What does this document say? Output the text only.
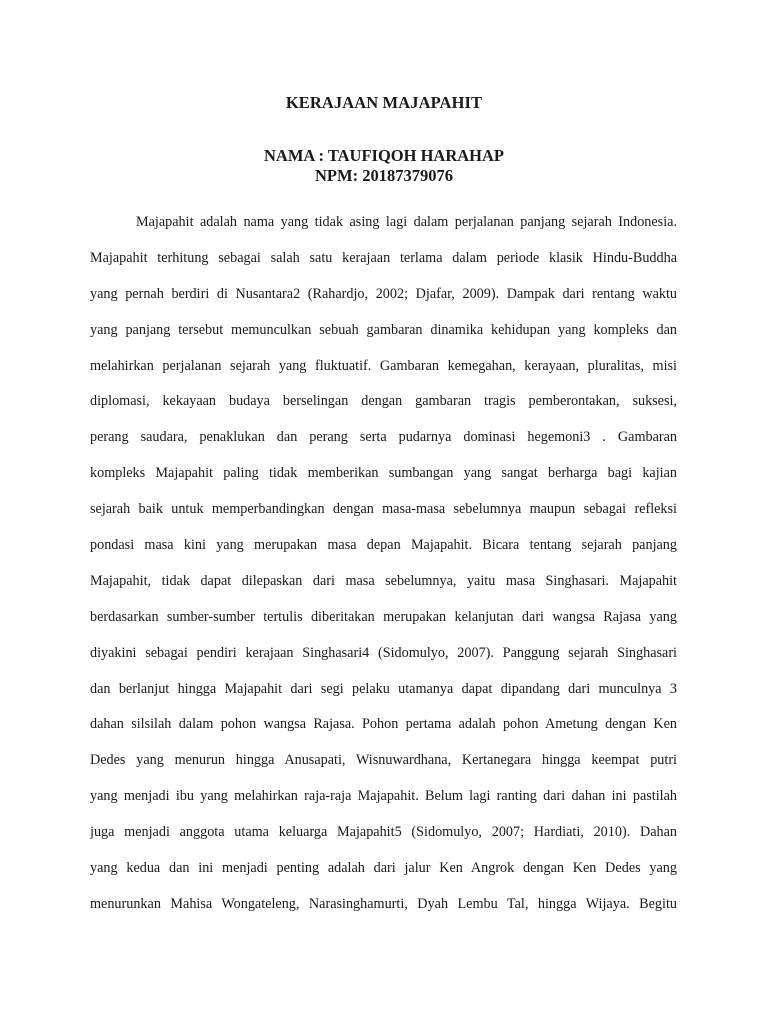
KERAJAAN MAJAPAHIT
NAMA : TAUFIQOH HARAHAP
NPM: 20187379076
Majapahit adalah nama yang tidak asing lagi dalam perjalanan panjang sejarah Indonesia.
Majapahit terhitung sebagai salah satu kerajaan terlama dalam periode klasik Hindu-Buddha
yang pernah berdiri di Nusantara2 (Rahardjo, 2002; Djafar, 2009). Dampak dari rentang waktu
yang panjang tersebut memunculkan sebuah gambaran dinamika kehidupan yang kompleks dan
melahirkan perjalanan sejarah yang fluktuatif. Gambaran kemegahan, kerayaan, pluralitas, misi
diplomasi, kekayaan budaya berselingan dengan gambaran tragis pemberontakan, suksesi,
perang saudara, penaklukan dan perang serta pudarnya dominasi hegemoni3 . Gambaran
kompleks Majapahit paling tidak memberikan sumbangan yang sangat berharga bagi kajian
sejarah baik untuk memperbandingkan dengan masa-masa sebelumnya maupun sebagai refleksi
pondasi masa kini yang merupakan masa depan Majapahit. Bicara tentang sejarah panjang
Majapahit, tidak dapat dilepaskan dari masa sebelumnya, yaitu masa Singhasari. Majapahit
berdasarkan sumber-sumber tertulis diberitakan merupakan kelanjutan dari wangsa Rajasa yang
diyakini sebagai pendiri kerajaan Singhasari4 (Sidomulyo, 2007). Panggung sejarah Singhasari
dan berlanjut hingga Majapahit dari segi pelaku utamanya dapat dipandang dari munculnya 3
dahan silsilah dalam pohon wangsa Rajasa. Pohon pertama adalah pohon Ametung dengan Ken
Dedes yang menurun hingga Anusapati, Wisnuwardhana, Kertanegara hingga keempat putri
yang menjadi ibu yang melahirkan raja-raja Majapahit. Belum lagi ranting dari dahan ini pastilah
juga menjadi anggota utama keluarga Majapahit5 (Sidomulyo, 2007; Hardiati, 2010). Dahan
yang kedua dan ini menjadi penting adalah dari jalur Ken Angrok dengan Ken Dedes yang
menurunkan Mahisa Wongateleng, Narasinghamurti, Dyah Lembu Tal, hingga Wijaya. Begitu
